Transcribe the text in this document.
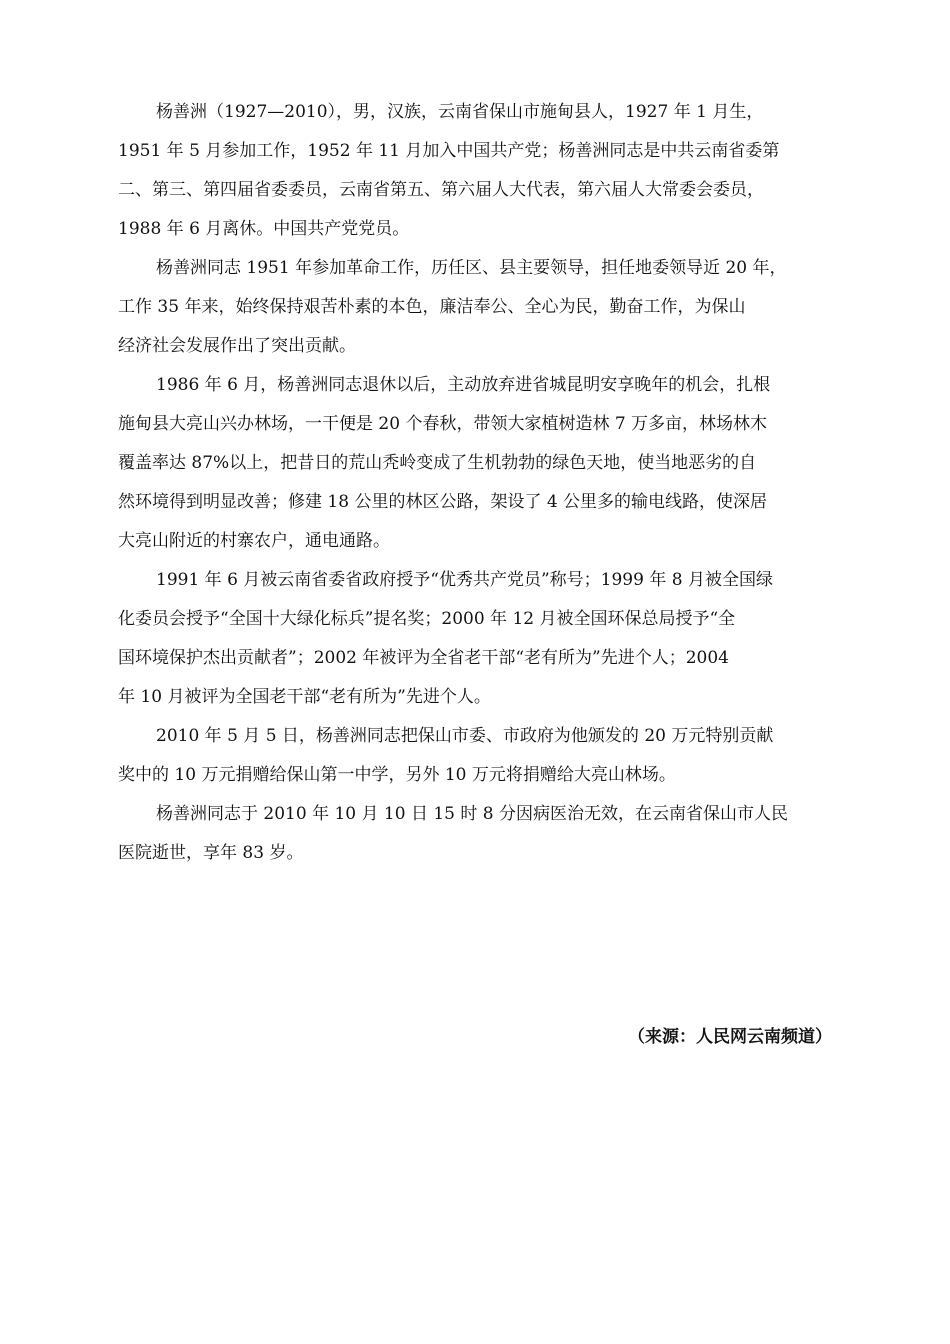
杨善洲（1927—2010），男，汉族，云南省保山市施甸县人，1927 年 1 月生，
1951 年 5 月参加工作，1952 年 11 月加入中国共产党；杨善洲同志是中共云南省委第
二、第三、第四届省委委员，云南省第五、第六届人大代表，第六届人大常委会委员，
1988 年 6 月离休。中国共产党党员。
杨善洲同志 1951 年参加革命工作，历任区、县主要领导，担任地委领导近 20 年，
工作 35 年来，始终保持艰苦朴素的本色，廉洁奉公、全心为民，勤奋工作，为保山
经济社会发展作出了突出贡献。
1986 年 6 月，杨善洲同志退休以后，主动放弃进省城昆明安享晚年的机会，扎根
施甸县大亮山兴办林场，一干便是 20 个春秋，带领大家植树造林 7 万多亩，林场林木
覆盖率达 87%以上，把昔日的荒山秃岭变成了生机勃勃的绿色天地，使当地恶劣的自
然环境得到明显改善；修建 18 公里的林区公路，架设了 4 公里多的输电线路，使深居
大亮山附近的村寨农户，通电通路。
1991 年 6 月被云南省委省政府授予“优秀共产党员”称号；1999 年 8 月被全国绿
化委员会授予“全国十大绿化标兵”提名奖；2000 年 12 月被全国环保总局授予“全
国环境保护杰出贡献者”；2002 年被评为全省老干部“老有所为”先进个人；2004
年 10 月被评为全国老干部“老有所为”先进个人。
2010 年 5 月 5 日，杨善洲同志把保山市委、市政府为他颁发的 20 万元特别贡献
奖中的 10 万元捐赠给保山第一中学，另外 10 万元将捐赠给大亮山林场。
杨善洲同志于 2010 年 10 月 10 日 15 时 8 分因病医治无效，在云南省保山市人民
医院逝世，享年 83 岁。
（来源：人民网云南频道）
